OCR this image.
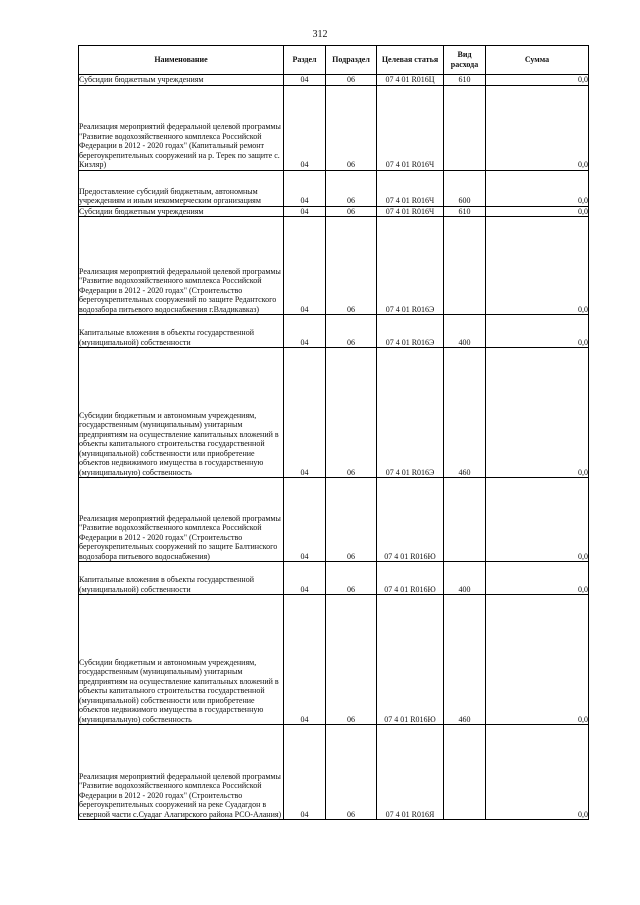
312
Наименование	Раздел	Подраздел	Целевая статья	Вид расхода	Сумма
Субсидии бюджетным учреждениям	04	06	07 4 01 R016Ц	610	0,0
Реализация мероприятий федеральной целевой программы "Развитие водохозяйственного комплекса Российской Федерации в 2012 - 2020 годах" (Капитальный ремонт берегоукрепительных сооружений на р. Терек по защите с. Кизляр)	04	06	07 4 01 R016Ч		0,0
Предоставление субсидий бюджетным, автономным учреждениям и иным некоммерческим организациям	04	06	07 4 01 R016Ч	600	0,0
Субсидии бюджетным учреждениям	04	06	07 4 01 R016Ч	610	0,0
Реализация мероприятий федеральной целевой программы "Развитие водохозяйственного комплекса Российской Федерации в 2012 - 2020 годах" (Строительство берегоукрепительных сооружений по защите Редантского водозабора питьевого водоснабжения г.Владикавказ)	04	06	07 4 01 R016Э		0,0
Капитальные вложения в объекты государственной (муниципальной) собственности	04	06	07 4 01 R016Э	400	0,0
Субсидии бюджетным и автономным учреждениям, государственным (муниципальным) унитарным предприятиям на осуществление капитальных вложений в объекты капитального строительства государственной (муниципальной) собственности или приобретение объектов недвижимого имущества в государственную (муниципальную) собственность	04	06	07 4 01 R016Э	460	0,0
Реализация мероприятий федеральной целевой программы "Развитие водохозяйственного комплекса Российской Федерации в 2012 - 2020 годах" (Строительство берегоукрепительных сооружений по защите Балтинского водозабора питьевого водоснабжения)	04	06	07 4 01 R016Ю		0,0
Капитальные вложения в объекты государственной (муниципальной) собственности	04	06	07 4 01 R016Ю	400	0,0
Субсидии бюджетным и автономным учреждениям, государственным (муниципальным) унитарным предприятиям на осуществление капитальных вложений в объекты капитального строительства государственной (муниципальной) собственности или приобретение объектов недвижимого имущества в государственную (муниципальную) собственность	04	06	07 4 01 R016Ю	460	0,0
Реализация мероприятий федеральной целевой программы "Развитие водохозяйственного комплекса Российской Федерации в 2012 - 2020 годах" (Строительство берегоукрепительных сооружений на реке Суадагдон в северной части с.Суадаг Алагирского района РСО-Алания)	04	06	07 4 01 R016Я		0,0
